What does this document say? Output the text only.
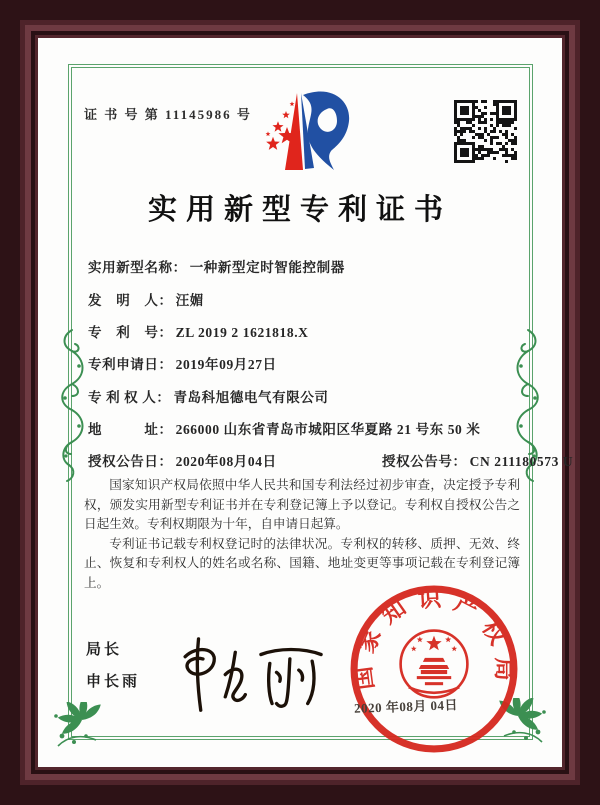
证 书 号 第 11145986 号
实用新型专利证书
实用新型名称： 一种新型定时智能控制器
发　明　人： 汪媚
专　利　号： ZL 2019 2 1621818.X
专利申请日： 2019年09月27日
专 利 权 人： 青岛科旭德电气有限公司
地　　　址： 266000 山东省青岛市城阳区华夏路 21 号东 50 米
授权公告日： 2020年08月04日	授权公告号： CN 211180573 U

国家知识产权局依照中华人民共和国专利法经过初步审查，决定授予专利权，颁发实用新型专利证书并在专利登记簿上予以登记。专利权自授权公告之日起生效。专利权期限为十年，自申请日起算。

专利证书记载专利权登记时的法律状况。专利权的转移、质押、无效、终止、恢复和专利权人的姓名或名称、国籍、地址变更等事项记载在专利登记簿上。

局长

申长雨	国家知识产权局
2020 年08月 04日
